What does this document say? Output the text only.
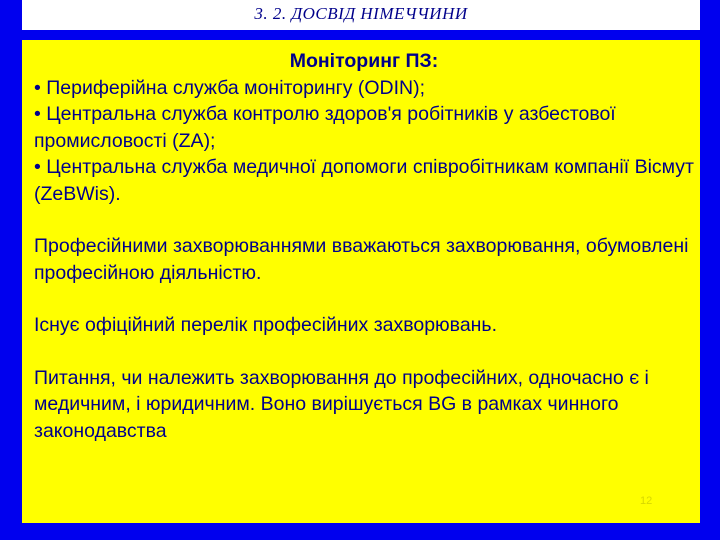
3. 2. ДОСВІД НІМЕЧЧИНИ

Моніторинг ПЗ:

• Периферійна служба моніторингу (ODIN);

• Центральна служба контролю здоров'я робітників у азбестової промисловості (ZA);

• Центральна служба медичної допомоги співробітникам компанії Вісмут (ZeBWis).

Професійними захворюваннями вважаються захворювання, обумовлені професійною діяльністю.

Існує офіційний перелік професійних захворювань.

Питання, чи належить захворювання до професійних, одночасно є і медичним, і юридичним. Воно вирішується BG в рамках чинного законодавства

12
